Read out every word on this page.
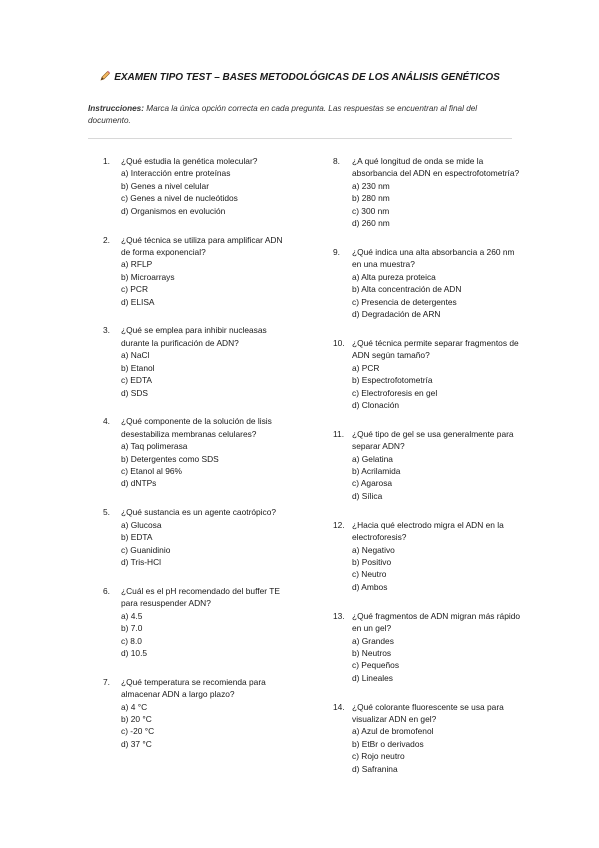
EXAMEN TIPO TEST – BASES METODOLÓGICAS DE LOS ANÁLISIS GENÉTICOS
Instrucciones: Marca la única opción correcta en cada pregunta. Las respuestas se encuentran al final del documento.
1.	¿Qué estudia la genética molecular?
a) Interacción entre proteínas
b) Genes a nivel celular
c) Genes a nivel de nucleótidos
d) Organismos en evolución
2.	¿Qué técnica se utiliza para amplificar ADN de forma exponencial?
a) RFLP
b) Microarrays
c) PCR
d) ELISA
3.	¿Qué se emplea para inhibir nucleasas durante la purificación de ADN?
a) NaCl
b) Etanol
c) EDTA
d) SDS
4.	¿Qué componente de la solución de lisis desestabiliza membranas celulares?
a) Taq polimerasa
b) Detergentes como SDS
c) Etanol al 96%
d) dNTPs
5.	¿Qué sustancia es un agente caotrópico?
a) Glucosa
b) EDTA
c) Guanidinio
d) Tris-HCl
6.	¿Cuál es el pH recomendado del buffer TE para resuspender ADN?
a) 4.5
b) 7.0
c) 8.0
d) 10.5
7.	¿Qué temperatura se recomienda para almacenar ADN a largo plazo?
a) 4 °C
b) 20 °C
c) -20 °C
d) 37 °C
8.	¿A qué longitud de onda se mide la absorbancia del ADN en espectrofotometría?
a) 230 nm
b) 280 nm
c) 300 nm
d) 260 nm
9.	¿Qué indica una alta absorbancia a 260 nm en una muestra?
a) Alta pureza proteica
b) Alta concentración de ADN
c) Presencia de detergentes
d) Degradación de ARN
10. ¿Qué técnica permite separar fragmentos de ADN según tamaño?
a) PCR
b) Espectrofotometría
c) Electroforesis en gel
d) Clonación
11. ¿Qué tipo de gel se usa generalmente para separar ADN?
a) Gelatina
b) Acrilamida
c) Agarosa
d) Sílica
12. ¿Hacia qué electrodo migra el ADN en la electroforesis?
a) Negativo
b) Positivo
c) Neutro
d) Ambos
13. ¿Qué fragmentos de ADN migran más rápido en un gel?
a) Grandes
b) Neutros
c) Pequeños
d) Lineales
14. ¿Qué colorante fluorescente se usa para visualizar ADN en gel?
a) Azul de bromofenol
b) EtBr o derivados
c) Rojo neutro
d) Safranina
